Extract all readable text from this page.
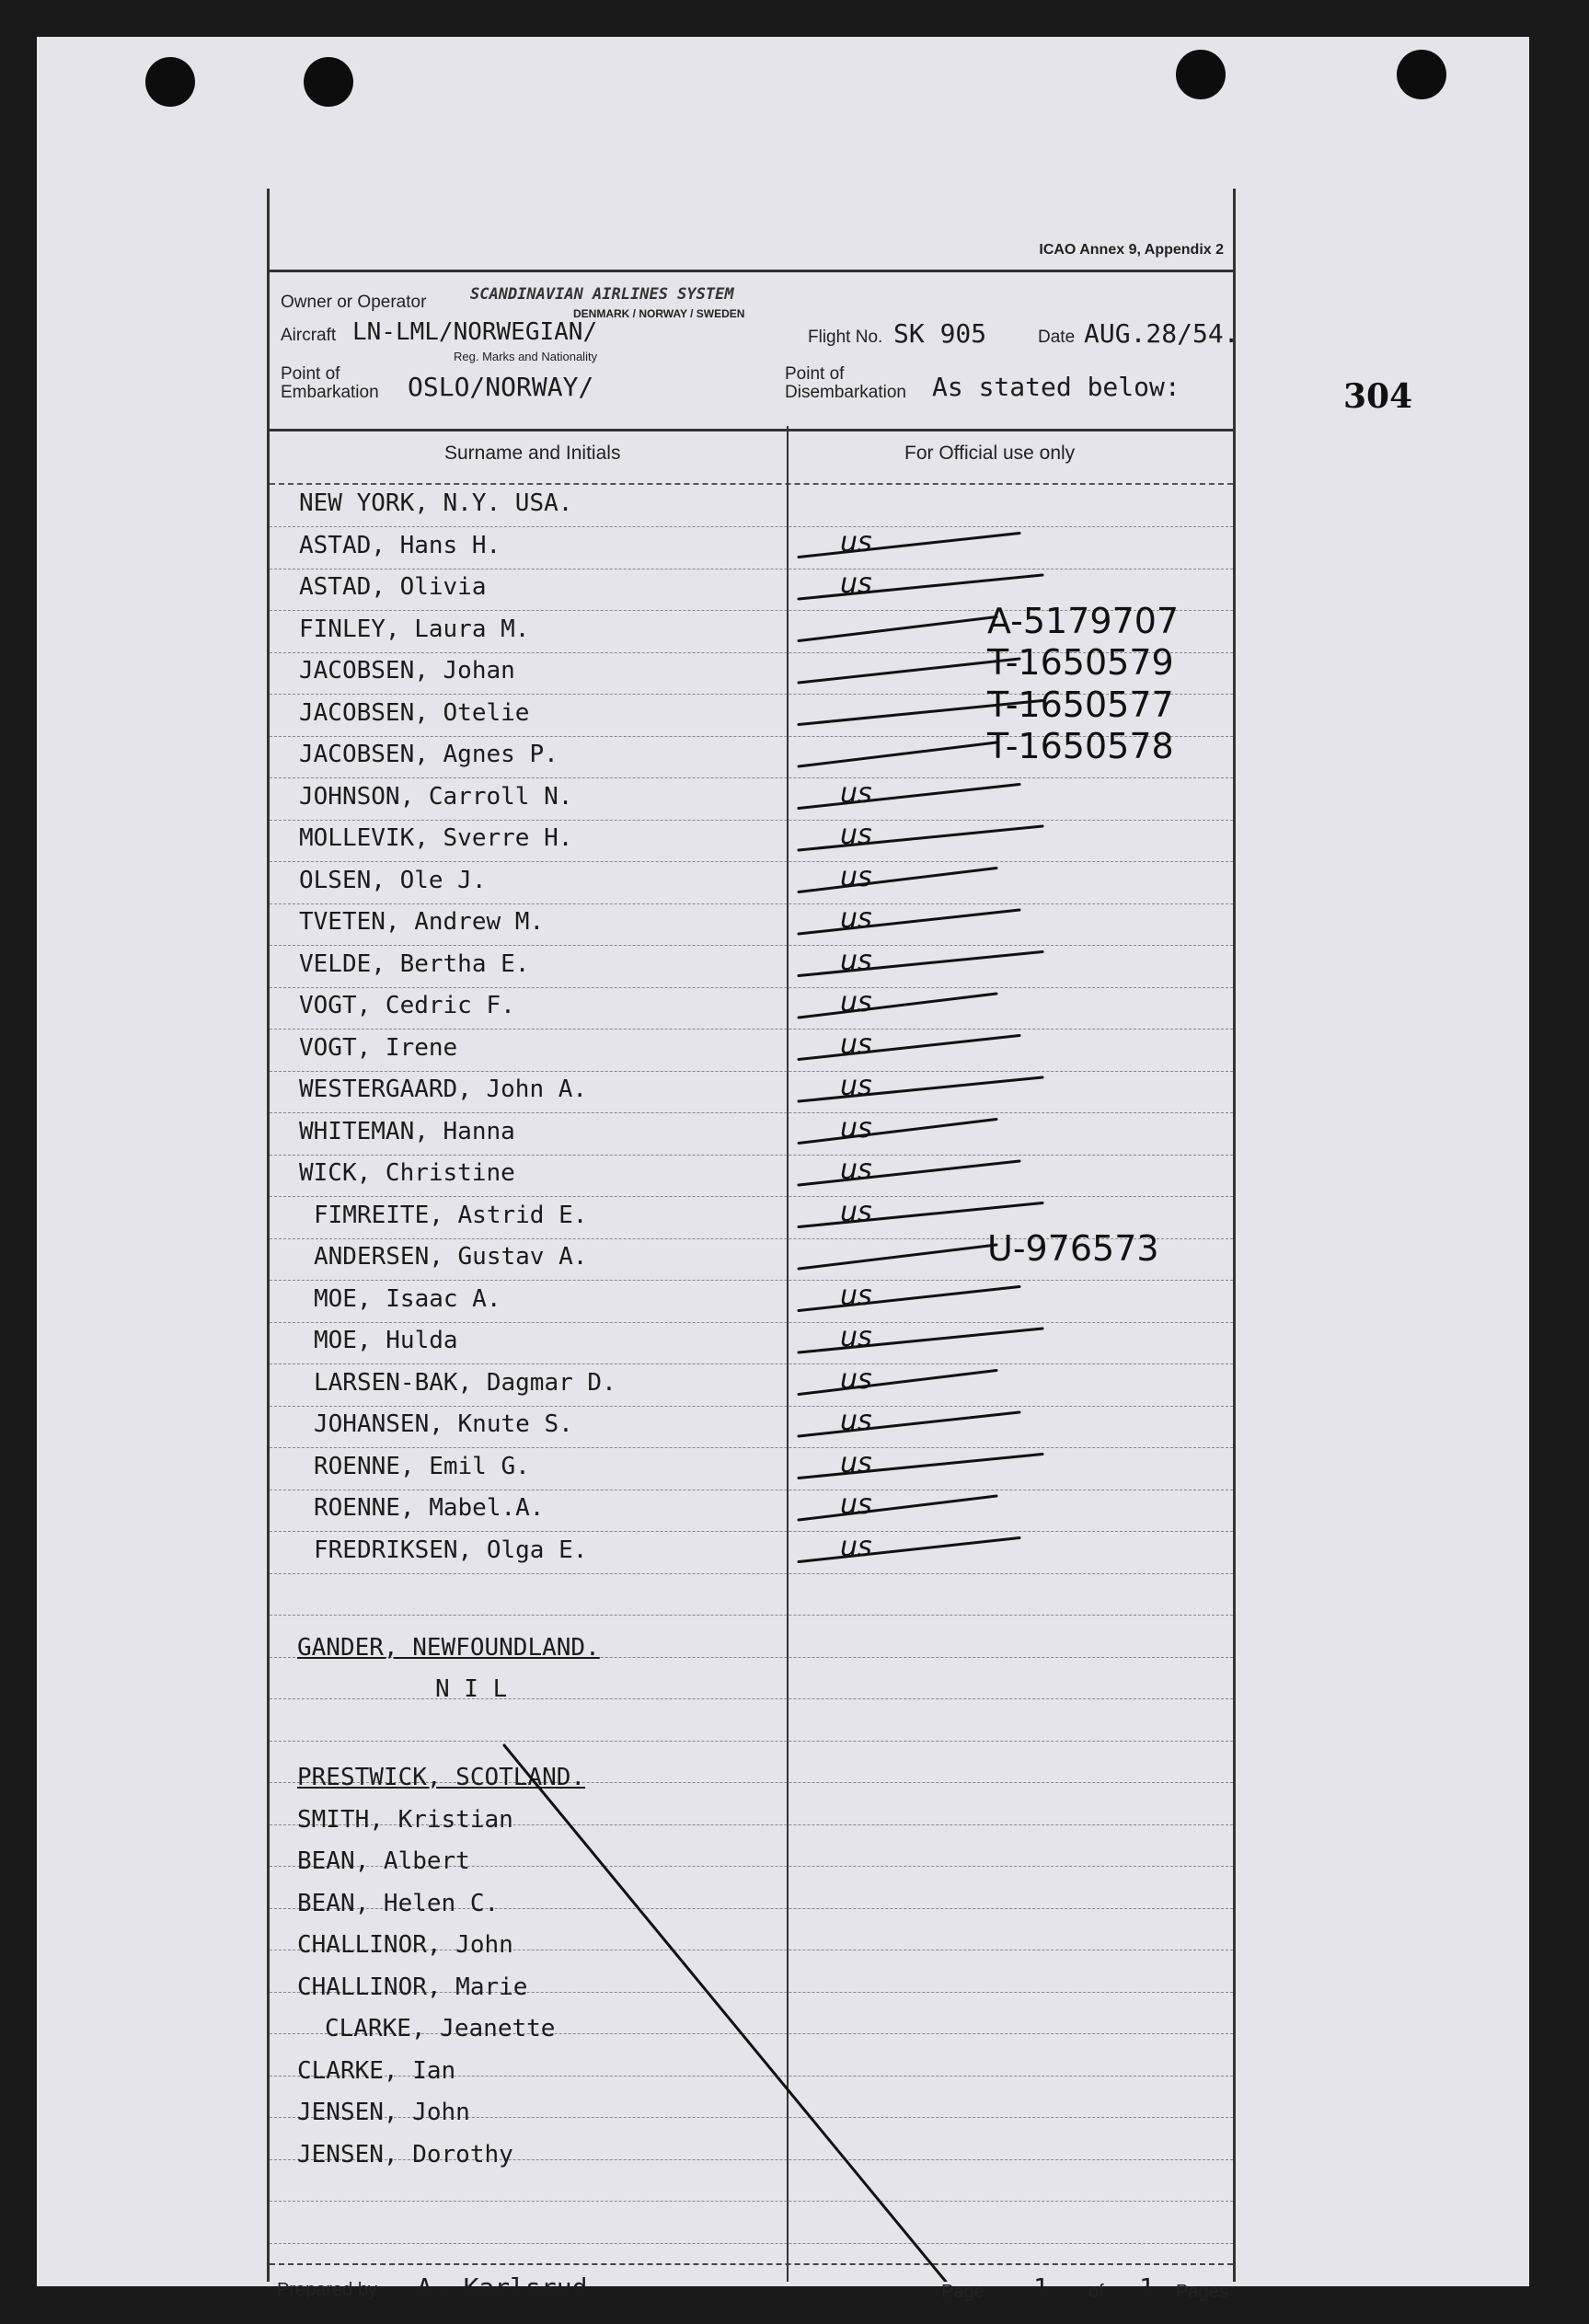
304
ICAO Annex 9, Appendix 2
Owner or Operator	SCANDINAVIAN AIRLINES SYSTEM
DENMARK / NORWAY / SWEDEN
Aircraft LN-LML/NORWEGIAN/
Reg. Marks and Nationality
Flight No. SK 905	Date AUG.28/54.
Point of
Embarkation OSLO/NORWAY/	Point of
Disembarkation As stated below:
Surname and Initials	For Official use only
NEW YORK, N.Y. USA.
ASTAD, Hans H.	us
ASTAD, Olivia	us
FINLEY, Laura M.	A-5179707
JACOBSEN, Johan	T-1650579
JACOBSEN, Otelie	T-1650577
JACOBSEN, Agnes P.	T-1650578
JOHNSON, Carroll N.	us
MOLLEVIK, Sverre H.	us
OLSEN, Ole J.	us
TVETEN, Andrew M.	us
VELDE, Bertha E.	us
VOGT, Cedric F.	us
VOGT, Irene	us
WESTERGAARD, John A.	us
WHITEMAN, Hanna	us
WICK, Christine	us
FIMREITE, Astrid E.	us
ANDERSEN, Gustav A.	U-976573
MOE, Isaac A.	us
MOE, Hulda	us
LARSEN-BAK, Dagmar D.	us
JOHANSEN, Knute S.	us
ROENNE, Emil G.	us
ROENNE, Mabel.A.	us
FREDRIKSEN, Olga E.	us
GANDER, NEWFOUNDLAND.
N I L
PRESTWICK, SCOTLAND.
SMITH, Kristian
BEAN, Albert
BEAN, Helen C.
CHALLINOR, John
CHALLINOR, Marie
CLARKE, Jeanette
CLARKE, Ian
JENSEN, John
JENSEN, Dorothy
Prepared by A. Karlsrud	Page 1 of 1 Pages
